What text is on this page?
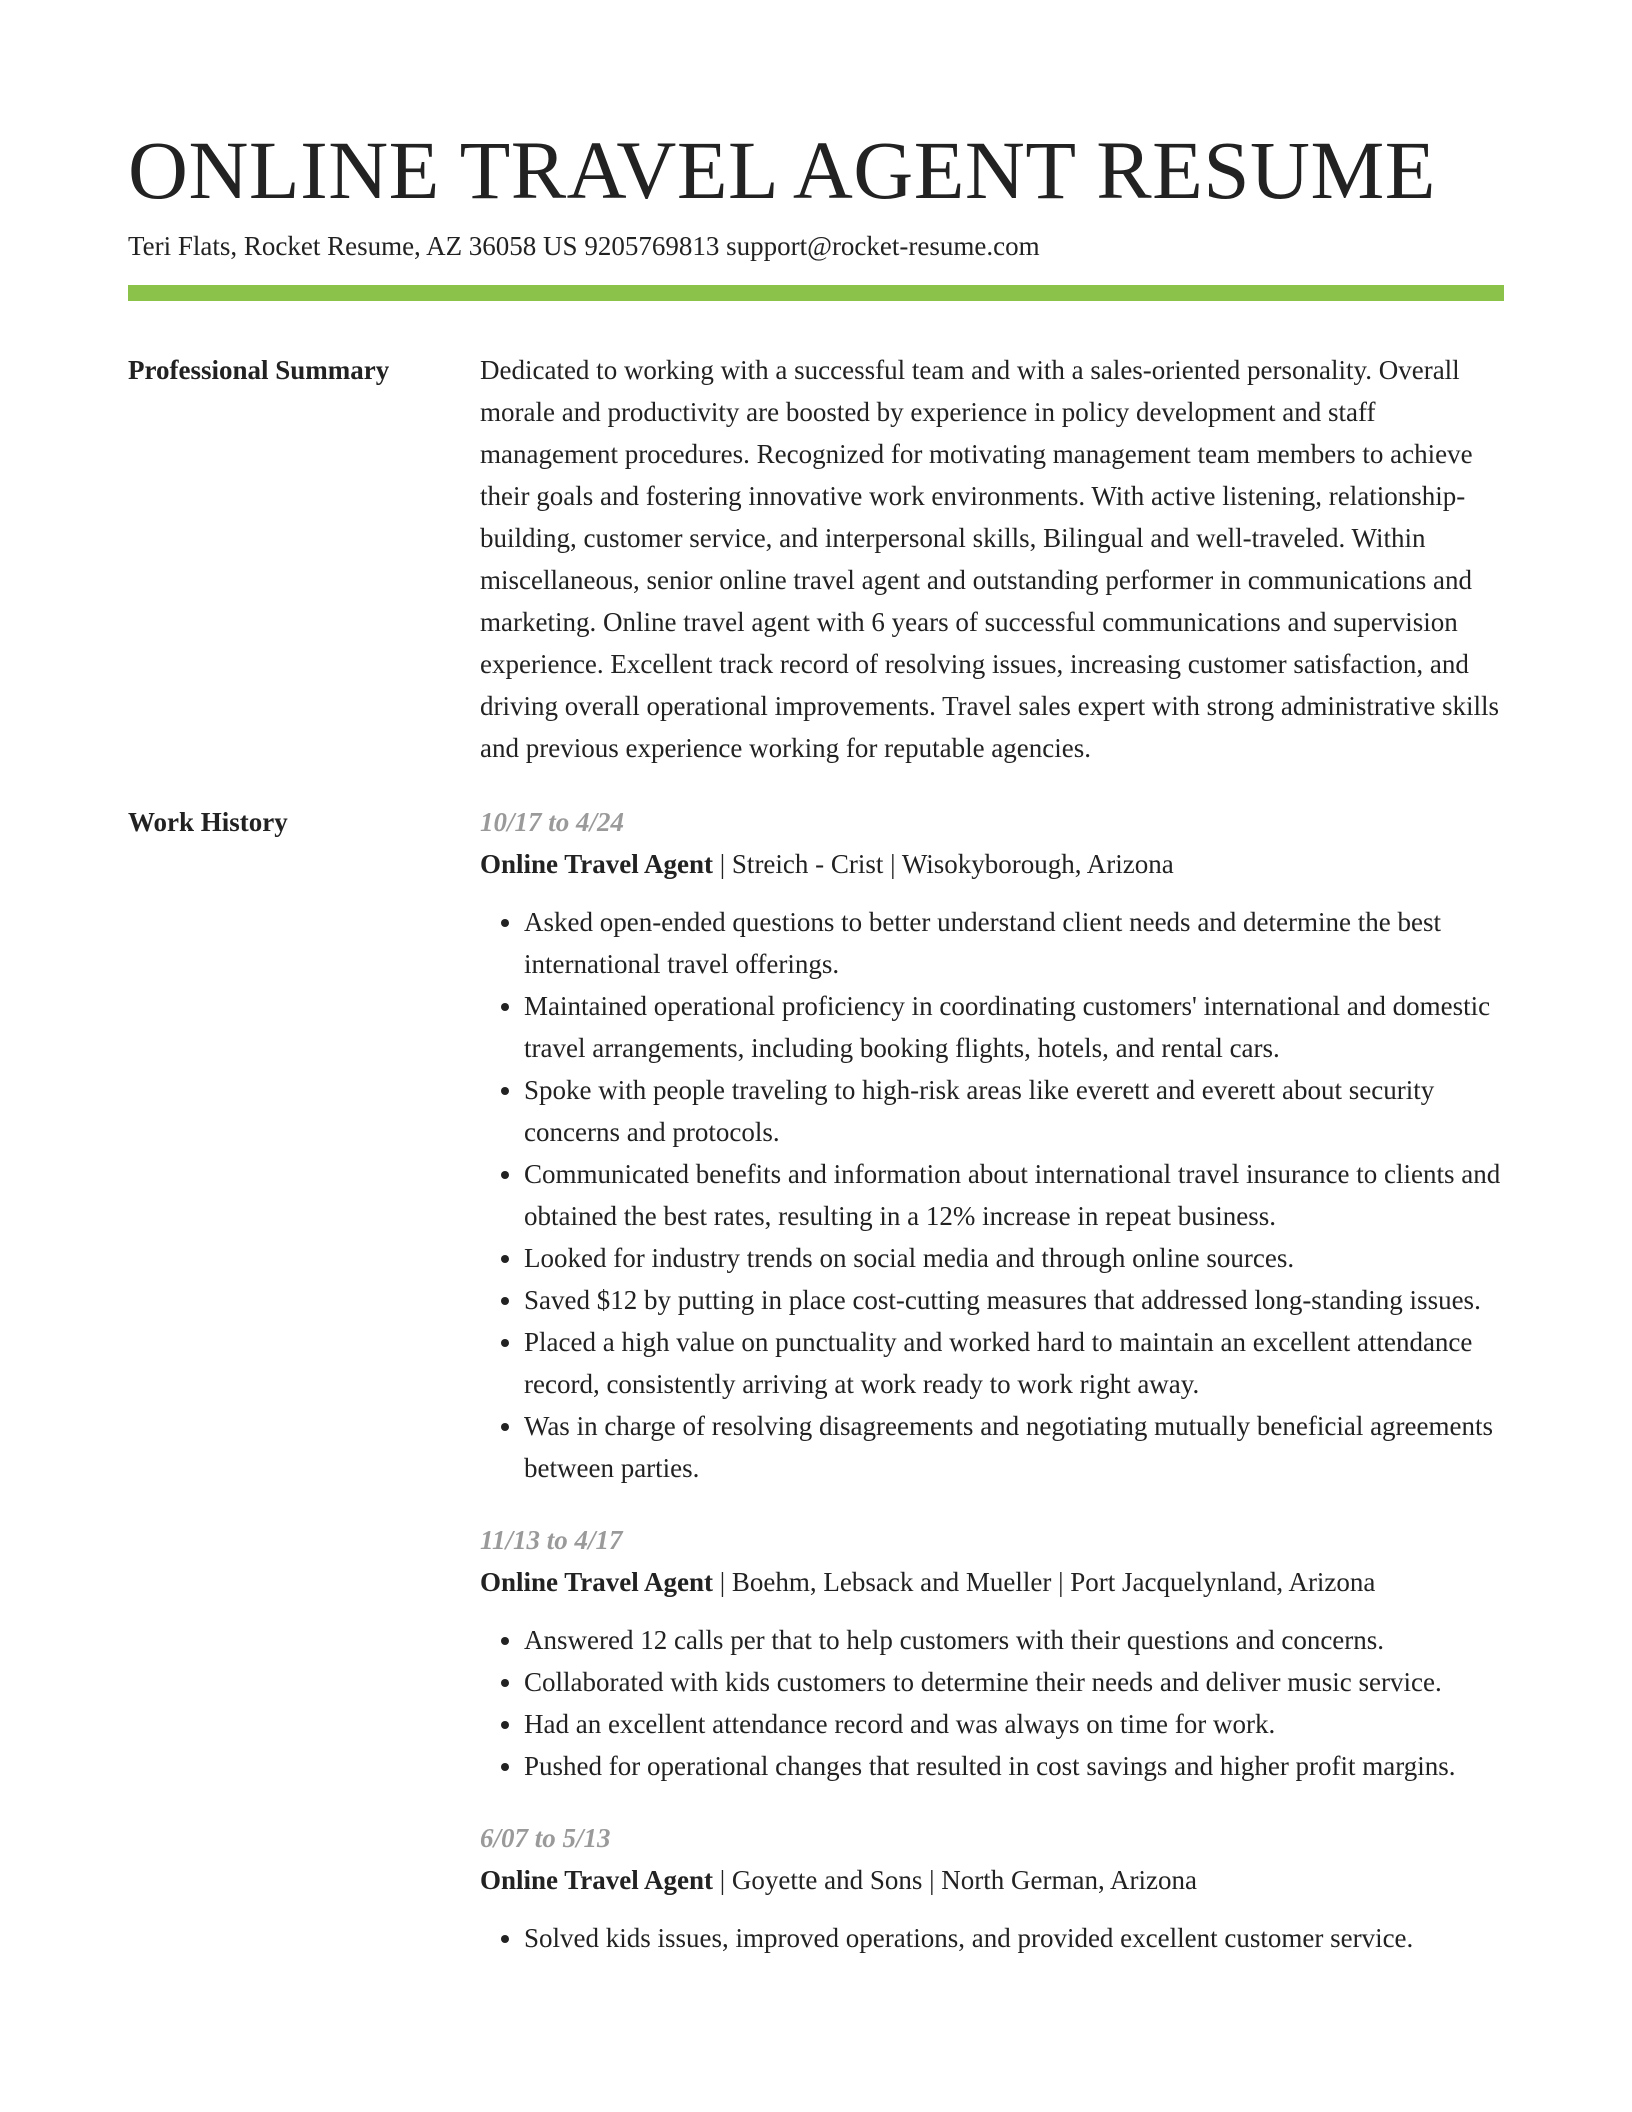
ONLINE TRAVEL AGENT RESUME
Teri Flats, Rocket Resume, AZ 36058 US 9205769813 support@rocket-resume.com
Professional Summary	Dedicated to working with a successful team and with a sales-oriented personality. Overall morale and productivity are boosted by experience in policy development and staff management procedures. Recognized for motivating management team members to achieve their goals and fostering innovative work environments. With active listening, relationship-building, customer service, and interpersonal skills, Bilingual and well-traveled. Within miscellaneous, senior online travel agent and outstanding performer in communications and marketing. Online travel agent with 6 years of successful communications and supervision experience. Excellent track record of resolving issues, increasing customer satisfaction, and driving overall operational improvements. Travel sales expert with strong administrative skills and previous experience working for reputable agencies.

Work History	10/17 to 4/24
Online Travel Agent | Streich - Crist | Wisokyborough, Arizona
• Asked open-ended questions to better understand client needs and determine the best international travel offerings.
• Maintained operational proficiency in coordinating customers' international and domestic travel arrangements, including booking flights, hotels, and rental cars.
• Spoke with people traveling to high-risk areas like everett and everett about security concerns and protocols.
• Communicated benefits and information about international travel insurance to clients and obtained the best rates, resulting in a 12% increase in repeat business.
• Looked for industry trends on social media and through online sources.
• Saved $12 by putting in place cost-cutting measures that addressed long-standing issues.
• Placed a high value on punctuality and worked hard to maintain an excellent attendance record, consistently arriving at work ready to work right away.
• Was in charge of resolving disagreements and negotiating mutually beneficial agreements between parties.
11/13 to 4/17
Online Travel Agent | Boehm, Lebsack and Mueller | Port Jacquelynland, Arizona
• Answered 12 calls per that to help customers with their questions and concerns.
• Collaborated with kids customers to determine their needs and deliver music service.
• Had an excellent attendance record and was always on time for work.
• Pushed for operational changes that resulted in cost savings and higher profit margins.
6/07 to 5/13
Online Travel Agent | Goyette and Sons | North German, Arizona
• Solved kids issues, improved operations, and provided excellent customer service.
